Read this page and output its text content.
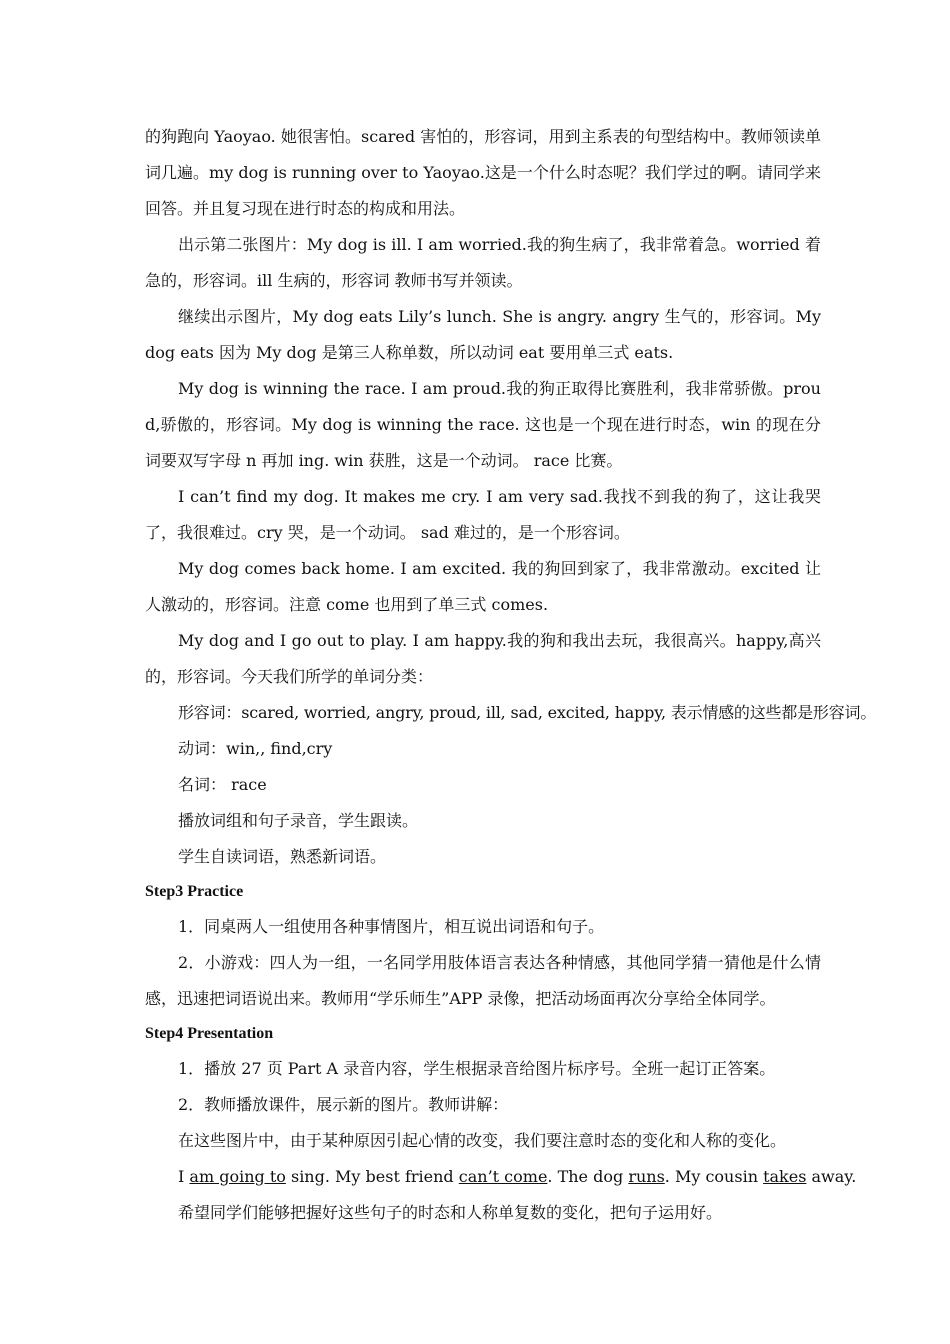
的狗跑向 Yaoyao. 她很害怕。scared 害怕的，形容词，用到主系表的句型结构中。教师领读单词几遍。my dog is running over to Yaoyao.这是一个什么时态呢？我们学过的啊。请同学来回答。并且复习现在进行时态的构成和用法。

出示第二张图片：My dog is ill. I am worried.我的狗生病了，我非常着急。worried 着急的，形容词。ill 生病的，形容词 教师书写并领读。

继续出示图片，My dog eats Lily’s lunch. She is angry. angry 生气的，形容词。My dog eats 因为 My dog 是第三人称单数，所以动词 eat 要用单三式 eats.

My dog is winning the race. I am proud.我的狗正取得比赛胜利，我非常骄傲。proud,骄傲的，形容词。My dog is winning the race. 这也是一个现在进行时态，win 的现在分词要双写字母 n 再加 ing. win 获胜，这是一个动词。 race 比赛。

I can’t find my dog. It makes me cry. I am very sad.我找不到我的狗了，这让我哭了，我很难过。cry 哭，是一个动词。 sad 难过的，是一个形容词。

My dog comes back home. I am excited. 我的狗回到家了，我非常激动。excited 让人激动的，形容词。注意 come 也用到了单三式 comes.

My dog and I go out to play. I am happy.我的狗和我出去玩，我很高兴。happy,高兴的，形容词。今天我们所学的单词分类：

形容词：scared, worried, angry, proud, ill, sad, excited, happy, 表示情感的这些都是形容词。

动词：win,, find,cry

名词： race

播放词组和句子录音，学生跟读。

学生自读词语，熟悉新词语。

Step3 Practice

1．同桌两人一组使用各种事情图片，相互说出词语和句子。

2．小游戏：四人为一组，一名同学用肢体语言表达各种情感，其他同学猜一猜他是什么情感，迅速把词语说出来。教师用“学乐师生”APP 录像，把活动场面再次分享给全体同学。

Step4 Presentation

1．播放 27 页 Part A 录音内容，学生根据录音给图片标序号。全班一起订正答案。

2．教师播放课件，展示新的图片。教师讲解：

在这些图片中，由于某种原因引起心情的改变，我们要注意时态的变化和人称的变化。

I am going to sing. My best friend can’t come. The dog runs. My cousin takes away.

希望同学们能够把握好这些句子的时态和人称单复数的变化，把句子运用好。
